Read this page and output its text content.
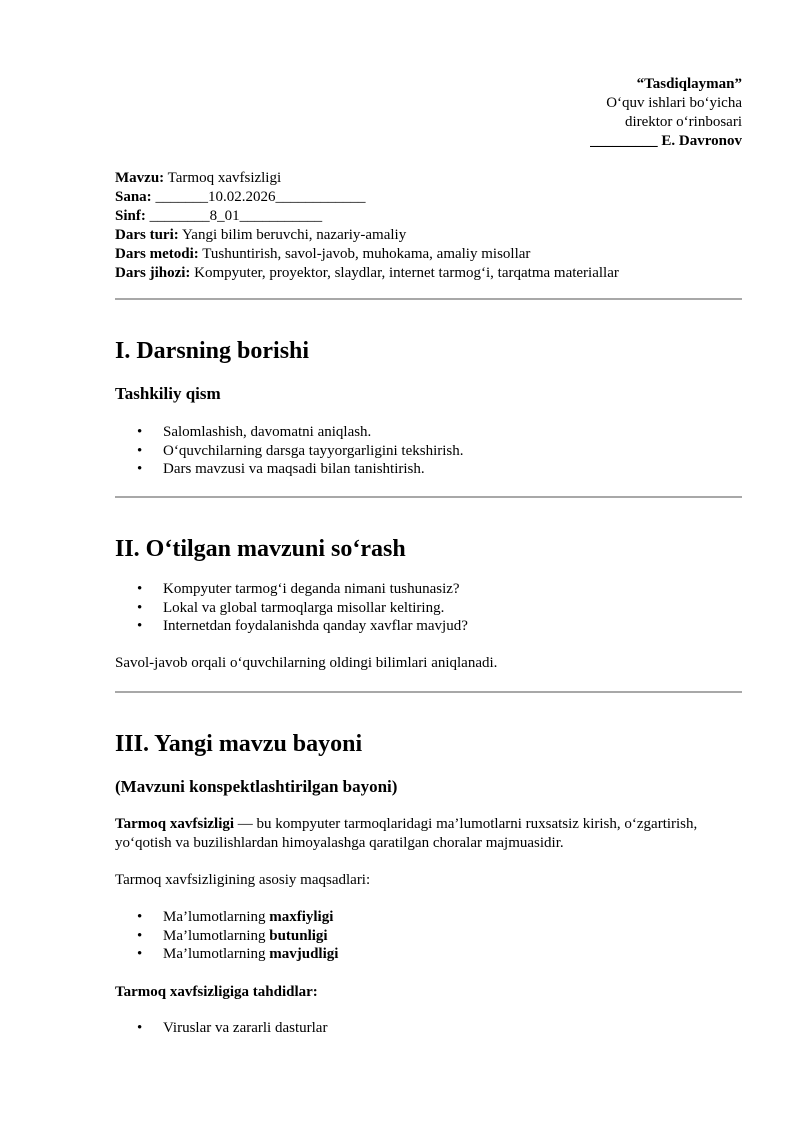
“Tasdiqlayman”
O‘quv ishlari bo‘yicha
direktor o‘rinbosari
_________ E. Davronov
Mavzu: Tarmoq xavfsizligi
Sana: _______10.02.2026____________
Sinf: ________8_01___________
Dars turi: Yangi bilim beruvchi, nazariy-amaliy
Dars metodi: Tushuntirish, savol-javob, muhokama, amaliy misollar
Dars jihozi: Kompyuter, proyektor, slaydlar, internet tarmog‘i, tarqatma materiallar
I. Darsning borishi
Tashkiliy qism
• Salomlashish, davomatni aniqlash.
• O‘quvchilarning darsga tayyorgarligini tekshirish.
• Dars mavzusi va maqsadi bilan tanishtirish.
II. O‘tilgan mavzuni so‘rash
• Kompyuter tarmog‘i deganda nimani tushunasiz?
• Lokal va global tarmoqlarga misollar keltiring.
• Internetdan foydalanishda qanday xavflar mavjud?

Savol-javob orqali o‘quvchilarning oldingi bilimlari aniqlanadi.

III. Yangi mavzu bayoni
(Mavzuni konspektlashtirilgan bayoni)

Tarmoq xavfsizligi — bu kompyuter tarmoqlaridagi ma’lumotlarni ruxsatsiz kirish, o‘zgartirish, yo‘qotish va buzilishlardan himoyalashga qaratilgan choralar majmuasidir.

Tarmoq xavfsizligining asosiy maqsadlari:

• Ma’lumotlarning maxfiyligi
• Ma’lumotlarning butunligi
• Ma’lumotlarning mavjudligi

Tarmoq xavfsizligiga tahdidlar:

• Viruslar va zararli dasturlar
